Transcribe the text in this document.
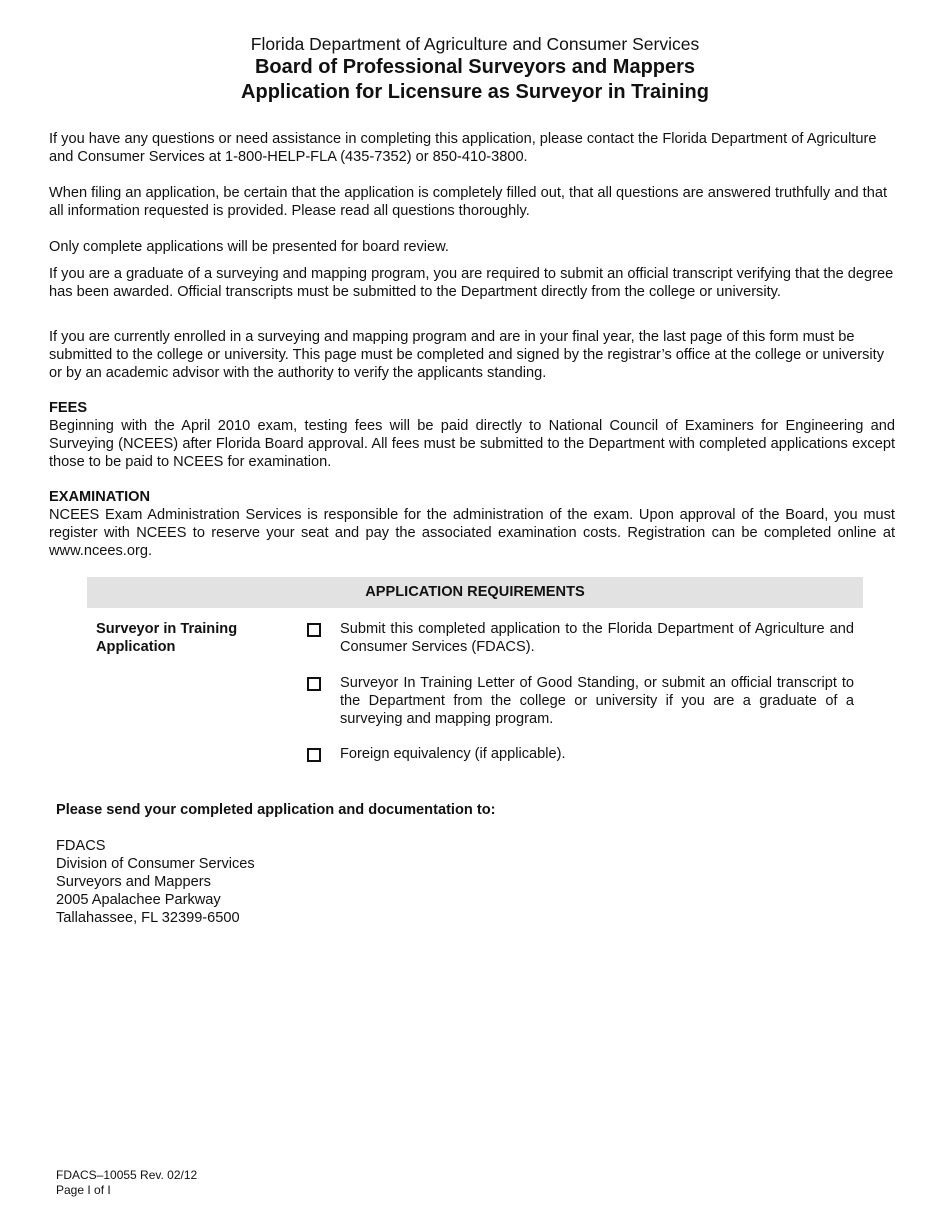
Florida Department of Agriculture and Consumer Services
Board of Professional Surveyors and Mappers
Application for Licensure as Surveyor in Training

If you have any questions or need assistance in completing this application, please contact the Florida Department of Agriculture and Consumer Services at 1-800-HELP-FLA (435-7352) or 850-410-3800.

When filing an application, be certain that the application is completely filled out, that all questions are answered truthfully and that all information requested is provided. Please read all questions thoroughly.

Only complete applications will be presented for board review.

If you are a graduate of a surveying and mapping program, you are required to submit an official transcript verifying that the degree has been awarded. Official transcripts must be submitted to the Department directly from the college or university.

If you are currently enrolled in a surveying and mapping program and are in your final year, the last page of this form must be submitted to the college or university. This page must be completed and signed by the registrar’s office at the college or university or by an academic advisor with the authority to verify the applicants standing.

FEES

Beginning with the April 2010 exam, testing fees will be paid directly to National Council of Examiners for Engineering and Surveying (NCEES) after Florida Board approval. All fees must be submitted to the Department with completed applications except those to be paid to NCEES for examination.

EXAMINATION

NCEES Exam Administration Services is responsible for the administration of the exam. Upon approval of the Board, you must register with NCEES to reserve your seat and pay the associated examination costs. Registration can be completed online at www.ncees.org.

APPLICATION REQUIREMENTS
Surveyor in Training Application
Submit this completed application to the Florida Department of Agriculture and Consumer Services (FDACS).
Surveyor In Training Letter of Good Standing, or submit an official transcript to the Department from the college or university if you are a graduate of a surveying and mapping program.
Foreign equivalency (if applicable).
Please send your completed application and documentation to:
FDACS
Division of Consumer Services
Surveyors and Mappers
2005 Apalachee Parkway
Tallahassee, FL 32399-6500
FDACS–10055 Rev. 02/12
Page I of I
